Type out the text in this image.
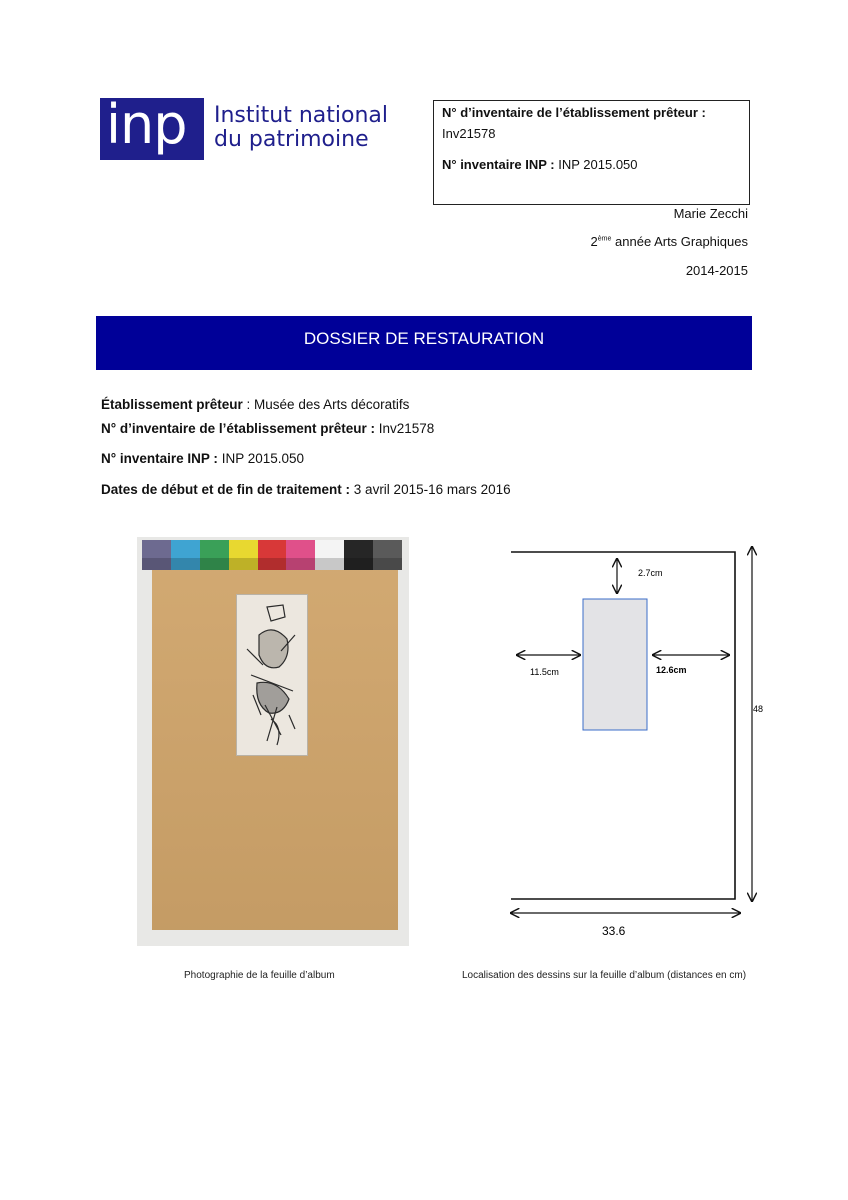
inp Institut national
du patrimoine
N° d’inventaire de l’établissement prêteur :
Inv21578
N° inventaire INP : INP 2015.050
Marie Zecchi
2ème année Arts Graphiques
2014-2015
DOSSIER DE RESTAURATION
Établissement prêteur : Musée des Arts décoratifs
N° d’inventaire de l’établissement prêteur : Inv21578
N° inventaire INP : INP 2015.050
Dates de début et de fin de traitement : 3 avril 2015-16 mars 2016
Photographie de la feuille d’album
2.7cm
11.5cm	12.6cm
48
33.6
Localisation des dessins sur la feuille d’album (distances en cm)
